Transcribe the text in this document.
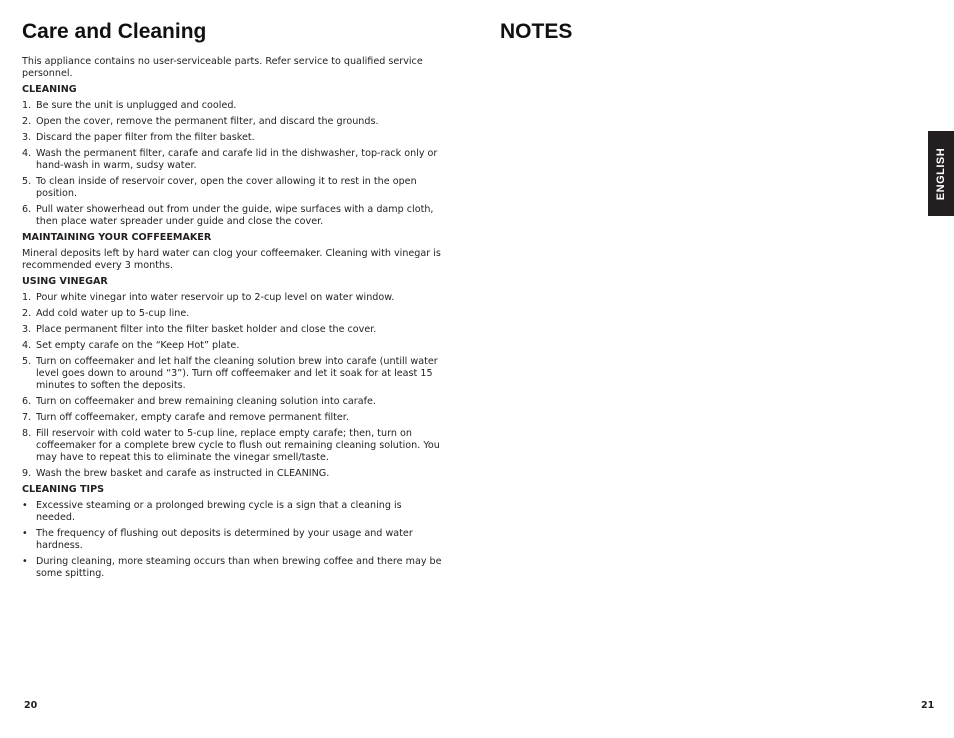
Care and Cleaning

This appliance contains no user-serviceable parts. Refer service to qualified service personnel.

CLEANING
1. Be sure the unit is unplugged and cooled.
2. Open the cover, remove the permanent filter, and discard the grounds.
3. Discard the paper filter from the filter basket.
4. Wash the permanent filter, carafe and carafe lid in the dishwasher, top-rack only or hand-wash in warm, sudsy water.
5. To clean inside of reservoir cover, open the cover allowing it to rest in the open position.
6. Pull water showerhead out from under the guide, wipe surfaces with a damp cloth, then place water spreader under guide and close the cover.
MAINTAINING YOUR COFFEEMAKER

Mineral deposits left by hard water can clog your coffeemaker. Cleaning with vinegar is recommended every 3 months.

USING VINEGAR
1. Pour white vinegar into water reservoir up to 2-cup level on water window.
2. Add cold water up to 5-cup line.
3. Place permanent filter into the filter basket holder and close the cover.
4. Set empty carafe on the “Keep Hot” plate.
5. Turn on coffeemaker and let half the cleaning solution brew into carafe (untill water level goes down to around “3”). Turn off coffeemaker and let it soak for at least 15 minutes to soften the deposits.
6. Turn on coffeemaker and brew remaining cleaning solution into carafe.
7. Turn off coffeemaker, empty carafe and remove permanent filter.
8. Fill reservoir with cold water to 5-cup line, replace empty carafe; then, turn on coffeemaker for a complete brew cycle to flush out remaining cleaning solution. You may have to repeat this to eliminate the vinegar smell/taste.
9. Wash the brew basket and carafe as instructed in CLEANING.
CLEANING TIPS
• Excessive steaming or a prolonged brewing cycle is a sign that a cleaning is needed.
• The frequency of flushing out deposits is determined by your usage and water hardness.
• During cleaning, more steaming occurs than when brewing coffee and there may be some spitting.
NOTES
ENGLISH
20	21
